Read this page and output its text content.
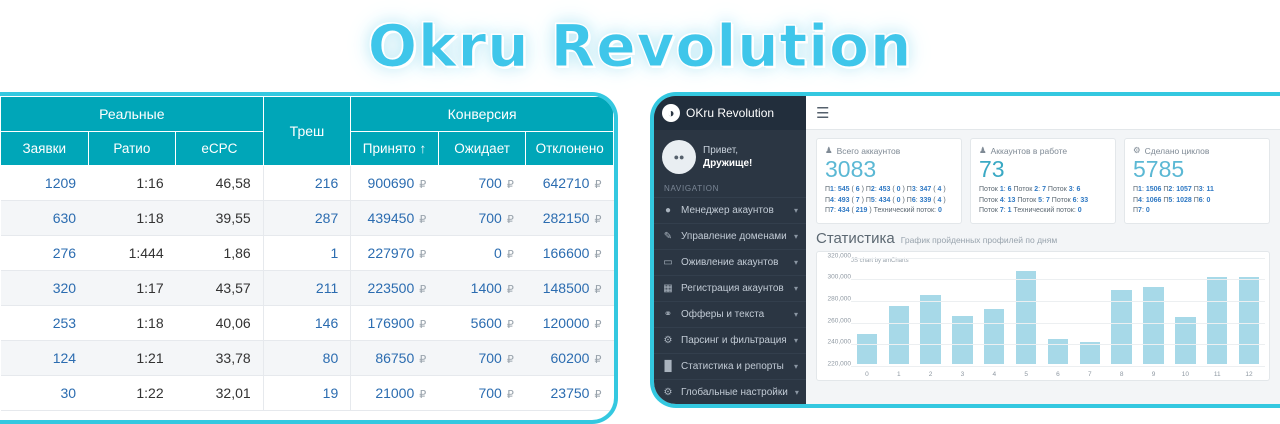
Okru Revolution
Реальные			Треш	Конверсия		
Заявки	Ратио	eCPC		Принято ↑	Ожидает	Отклонено
1209	1:16	46,58	216	900690 ₽	700 ₽	642710 ₽
630	1:18	39,55	287	439450 ₽	700 ₽	282150 ₽
276	1:444	1,86	1	227970 ₽	0 ₽	166600 ₽
320	1:17	43,57	211	223500 ₽	1400 ₽	148500 ₽
253	1:18	40,06	146	176900 ₽	5600 ₽	120000 ₽
124	1:21	33,78	80	86750 ₽	700 ₽	60200 ₽
30	1:22	32,01	19	21000 ₽	700 ₽	23750 ₽
◑ OKru Revolution
●●
Привет,
Дружище!
NAVIGATION
● Менеджер акаунтов	▾
✎ Управление доменами ▾
▭ Оживление акаунтов ▾
▦ Регистрация акаунтов ▾
⚭ Офферы и текста	▾
⚙ Парсинг и фильтрация ▾
█ Статистика и репорты ▾
⚙ Глобальные настройки ▾
☰
♟ Всего аккаунтов
3083
П1: 545 ( 6 ) П2: 453 ( 0 ) П3: 347 ( 4 )
П4: 493 ( 7 ) П5: 434 ( 0 ) П6: 339 ( 4 )
П7: 434 ( 219 ) Технический поток: 0
♟ Аккаунтов в работе
73
Поток 1: 6 Поток 2: 7 Поток 3: 6
Поток 4: 13 Поток 5: 7 Поток 6: 33
Поток 7: 1 Технический поток: 0
⚙ Сделано циклов
5785
П1: 1506 П2: 1057 П3: 11
П4: 1066 П5: 1028 П6: 0
П7: 0
Статистика График пройденных профилей по дням
JS chart by amCharts
320,000
300,000
280,000
260,000
240,000
220,000
0	1	2	3	4	5	6	7	8	9	10	11	12
